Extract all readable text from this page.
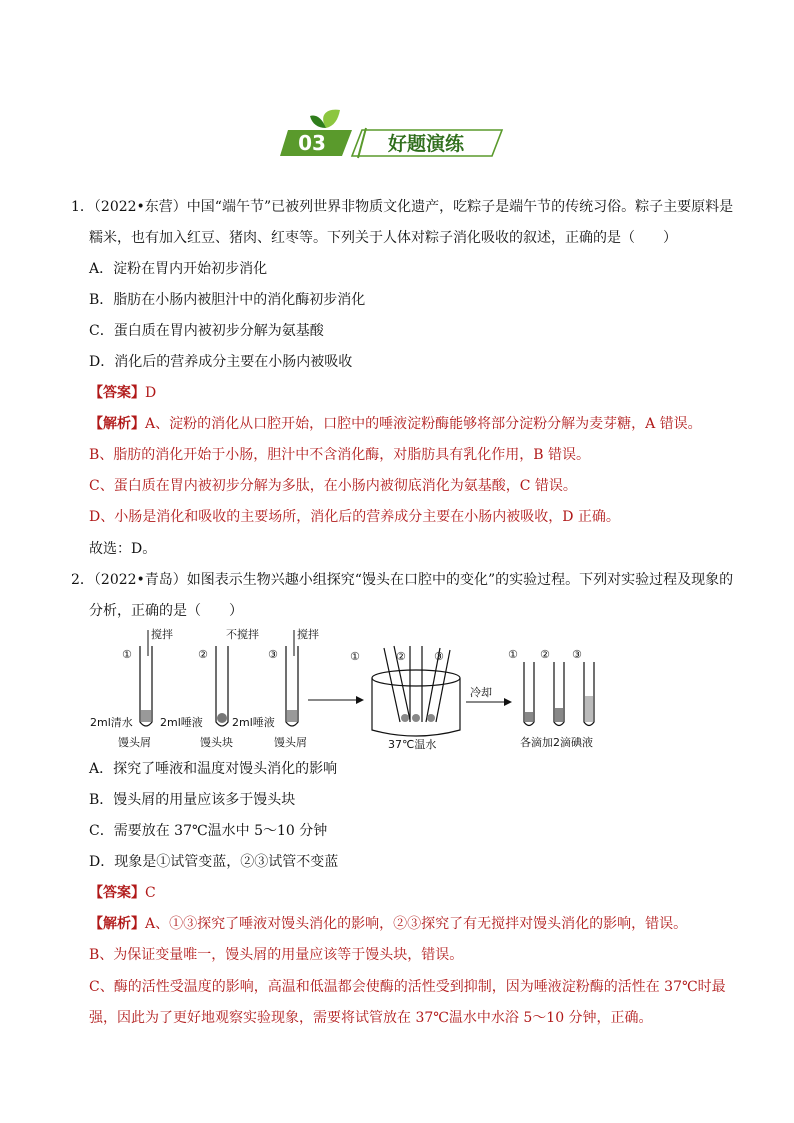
03	好题演练
1．（2022•东营）中国“端午节”已被列世界非物质文化遗产，吃粽子是端午节的传统习俗。粽子主要原料是
糯米，也有加入红豆、猪肉、红枣等。下列关于人体对粽子消化吸收的叙述，正确的是（　　）
A．淀粉在胃内开始初步消化
B．脂肪在小肠内被胆汁中的消化酶初步消化
C．蛋白质在胃内被初步分解为氨基酸
D．消化后的营养成分主要在小肠内被吸收
【答案】D
【解析】A、淀粉的消化从口腔开始，口腔中的唾液淀粉酶能够将部分淀粉分解为麦芽糖，A 错误。
B、脂肪的消化开始于小肠，胆汁中不含消化酶，对脂肪具有乳化作用，B 错误。
C、蛋白质在胃内被初步分解为多肽，在小肠内被彻底消化为氨基酸，C 错误。
D、小肠是消化和吸收的主要场所，消化后的营养成分主要在小肠内被吸收，D 正确。
故选：D。
2．（2022•青岛）如图表示生物兴趣小组探究“馒头在口腔中的变化”的实验过程。下列对实验过程及现象的
分析，正确的是（　　）
搅拌
①
2ml清水
馒头屑
不搅拌
②
2ml唾液
馒头块
搅拌
③
2ml唾液
馒头屑
①	②	③
37℃温水
冷却
① ② ③
各滴加2滴碘液
A．探究了唾液和温度对馒头消化的影响
B．馒头屑的用量应该多于馒头块
C．需要放在 37℃温水中 5～10 分钟
D．现象是①试管变蓝，②③试管不变蓝
【答案】C
【解析】A、①③探究了唾液对馒头消化的影响，②③探究了有无搅拌对馒头消化的影响，错误。
B、为保证变量唯一，馒头屑的用量应该等于馒头块，错误。
C、酶的活性受温度的影响，高温和低温都会使酶的活性受到抑制，因为唾液淀粉酶的活性在 37℃时最
强，因此为了更好地观察实验现象，需要将试管放在 37℃温水中水浴 5～10 分钟，正确。
